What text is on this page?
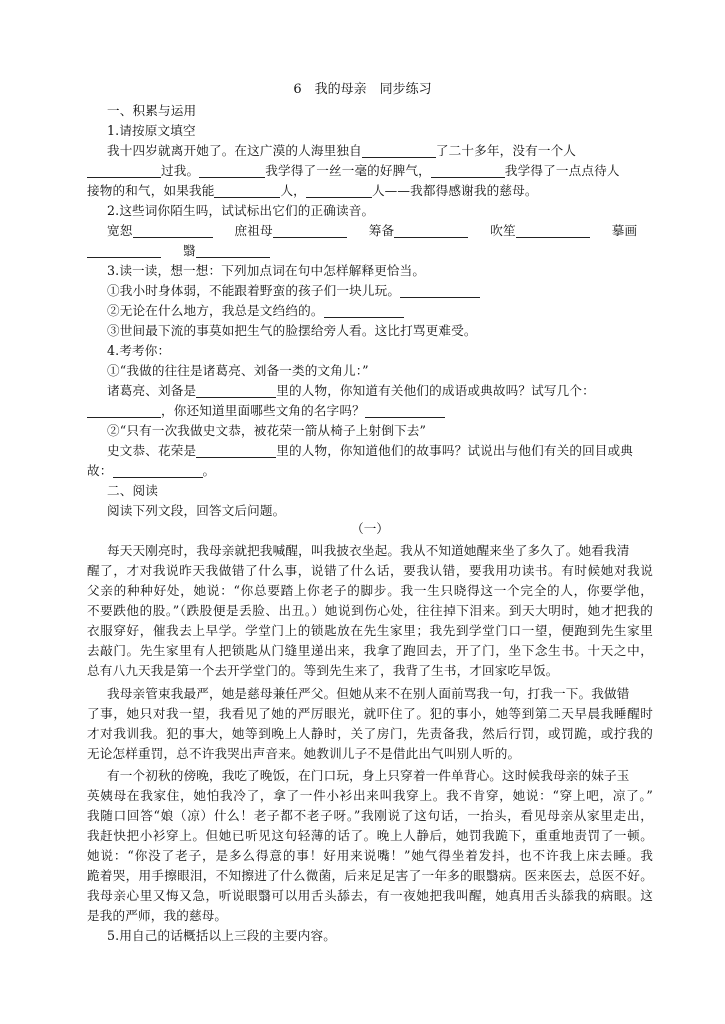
6　我的母亲　同步练习
一、积累与运用
1.请按原文填空
我十四岁就离开她了。在这广漠的人海里独自	了二十多年，没有一个人
过我。	我学得了一丝一毫的好脾气，	我学得了一点点待人
接物的和气，如果我能	人，	人——我都得感谢我的慈母。
2.这些词你陌生吗，试试标出它们的正确读音。
宽恕	庶祖母	筹备	吹笙	摹画
翳
3.读一读，想一想：下列加点词在句中怎样解释更恰当。
①我小时身体弱，不能跟着野蛮的孩子们一块儿玩。
②无论在什么地方，我总是文绉绉的。
③世间最下流的事莫如把生气的脸摆给旁人看。这比打骂更难受。
4.考考你：
①“我做的往往是诸葛亮、刘备一类的文角儿：”
诸葛亮、刘备是	里的人物，你知道有关他们的成语或典故吗？试写几个：
，你还知道里面哪些文角的名字吗？
②“只有一次我做史文恭，被花荣一箭从椅子上射倒下去”
史文恭、花荣是	里的人物，你知道他们的故事吗？试说出与他们有关的回目或典
故：	。
二、阅读
阅读下列文段，回答文后问题。
（一）
每天天刚亮时，我母亲就把我喊醒，叫我披衣坐起。我从不知道她醒来坐了多久了。她看我清
醒了，才对我说昨天我做错了什么事，说错了什么话，要我认错，要我用功读书。有时候她对我说
父亲的种种好处，她说：“你总要踏上你老子的脚步。我一生只晓得这一个完全的人，你要学他，
不要跌他的股。”（跌股便是丢脸、出丑。）她说到伤心处，往往掉下泪来。到天大明时，她才把我的
衣服穿好，催我去上早学。学堂门上的锁匙放在先生家里；我先到学堂门口一望，便跑到先生家里
去敲门。先生家里有人把锁匙从门缝里递出来，我拿了跑回去，开了门，坐下念生书。十天之中，
总有八九天我是第一个去开学堂门的。等到先生来了，我背了生书，才回家吃早饭。
我母亲管束我最严，她是慈母兼任严父。但她从来不在别人面前骂我一句，打我一下。我做错
了事，她只对我一望，我看见了她的严厉眼光，就吓住了。犯的事小，她等到第二天早晨我睡醒时
才对我训我。犯的事大，她等到晚上人静时，关了房门，先责备我，然后行罚，或罚跪，或拧我的
无论怎样重罚，总不许我哭出声音来。她教训儿子不是借此出气叫别人听的。
有一个初秋的傍晚，我吃了晚饭，在门口玩，身上只穿着一件单背心。这时候我母亲的妹子玉
英姨母在我家住，她怕我冷了，拿了一件小衫出来叫我穿上。我不肯穿，她说：“穿上吧，凉了。”
我随口回答“娘（凉）什么！老子都不老子呀。”我刚说了这句话，一抬头，看见母亲从家里走出，
我赶快把小衫穿上。但她已听见这句轻薄的话了。晚上人静后，她罚我跪下，重重地责罚了一顿。
她说：“你没了老子，是多么得意的事！好用来说嘴！”她气得坐着发抖，也不许我上床去睡。我
跪着哭，用手擦眼泪，不知擦进了什么微菌，后来足足害了一年多的眼翳病。医来医去，总医不好。
我母亲心里又悔又急，听说眼翳可以用舌头舔去，有一夜她把我叫醒，她真用舌头舔我的病眼。这
是我的严师，我的慈母。
5.用自己的话概括以上三段的主要内容。
